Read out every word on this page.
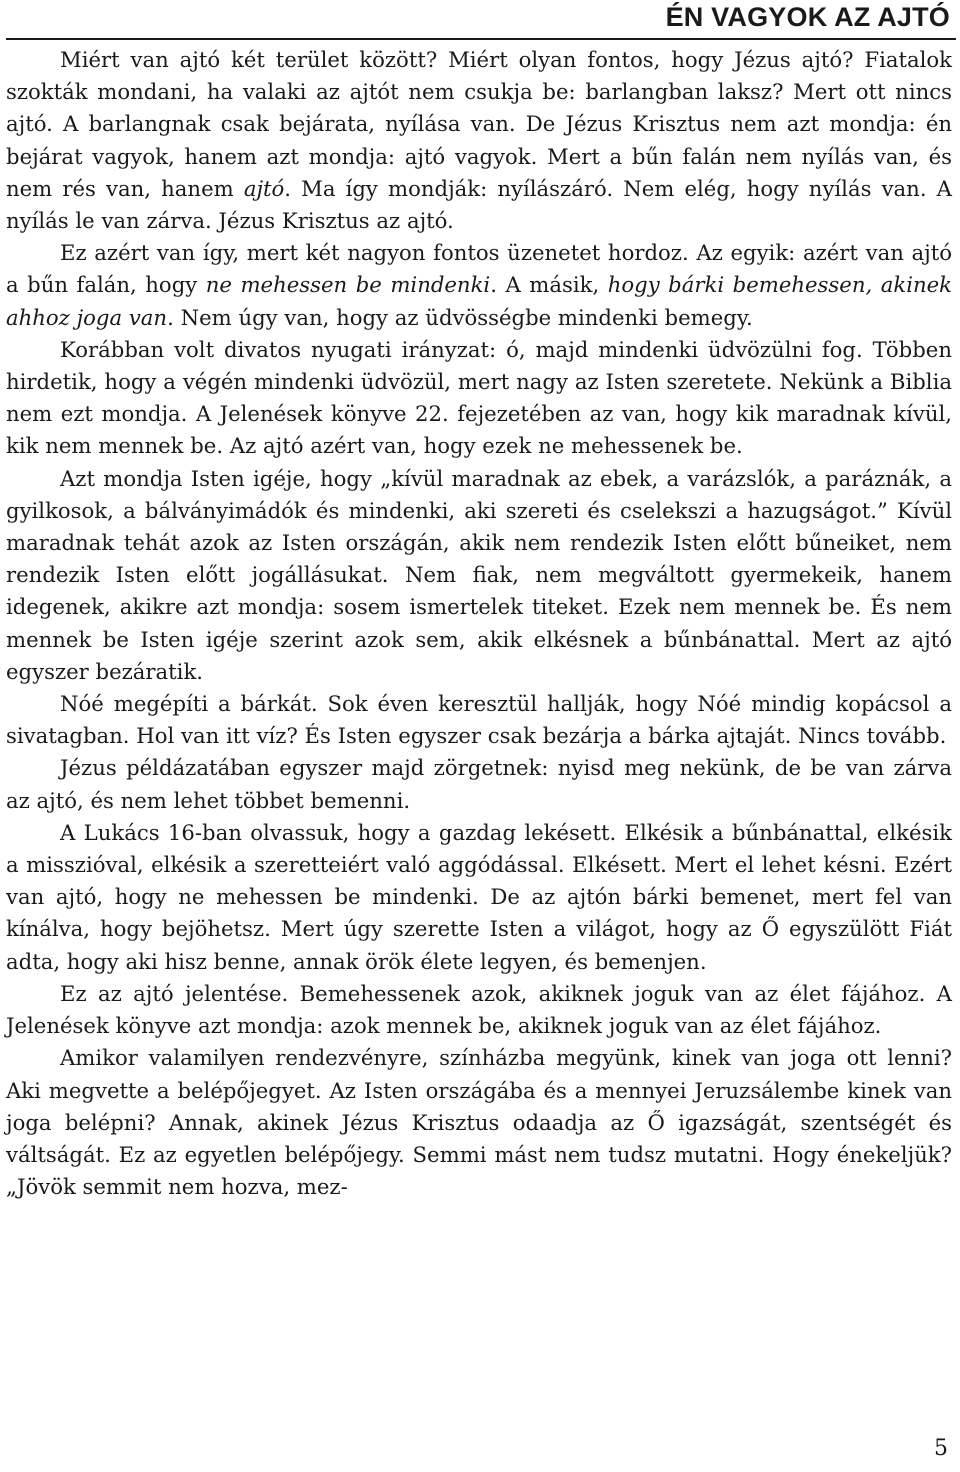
ÉN VAGYOK AZ AJTÓ

Miért van ajtó két terület között? Miért olyan fontos, hogy Jézus ajtó? Fiatalok szokták mondani, ha valaki az ajtót nem csukja be: barlangban laksz? Mert ott nincs ajtó. A barlangnak csak bejárata, nyílása van. De Jézus Krisztus nem azt mondja: én bejárat vagyok, hanem azt mondja: ajtó vagyok. Mert a bűn falán nem nyílás van, és nem rés van, hanem ajtó. Ma így mondják: nyílászáró. Nem elég, hogy nyílás van. A nyílás le van zárva. Jézus Krisztus az ajtó.

Ez azért van így, mert két nagyon fontos üzenetet hordoz. Az egyik: azért van ajtó a bűn falán, hogy ne mehessen be mindenki. A másik, hogy bárki bemehessen, akinek ahhoz joga van. Nem úgy van, hogy az üdvösségbe mindenki bemegy.

Korábban volt divatos nyugati irányzat: ó, majd mindenki üdvözülni fog. Többen hirdetik, hogy a végén mindenki üdvözül, mert nagy az Isten szeretete. Nekünk a Biblia nem ezt mondja. A Jelenések könyve 22. fejezetében az van, hogy kik maradnak kívül, kik nem mennek be. Az ajtó azért van, hogy ezek ne mehessenek be.

Azt mondja Isten igéje, hogy „kívül maradnak az ebek, a varázslók, a paráznák, a gyilkosok, a bálványimádók és mindenki, aki szereti és cselekszi a hazugságot.” Kívül maradnak tehát azok az Isten országán, akik nem rendezik Isten előtt bűneiket, nem rendezik Isten előtt jogállásukat. Nem fiak, nem megváltott gyermekeik, hanem idegenek, akikre azt mondja: sosem ismertelek titeket. Ezek nem mennek be. És nem mennek be Isten igéje szerint azok sem, akik elkésnek a bűnbánattal. Mert az ajtó egyszer bezáratik.

Nóé megépíti a bárkát. Sok éven keresztül hallják, hogy Nóé mindig kopácsol a sivatagban. Hol van itt víz? És Isten egyszer csak bezárja a bárka ajtaját. Nincs tovább.

Jézus példázatában egyszer majd zörgetnek: nyisd meg nekünk, de be van zárva az ajtó, és nem lehet többet bemenni.

A Lukács 16-ban olvassuk, hogy a gazdag lekésett. Elkésik a bűnbánattal, elkésik a misszióval, elkésik a szeretteiért való aggódással. Elkésett. Mert el lehet késni. Ezért van ajtó, hogy ne mehessen be mindenki. De az ajtón bárki bemenet, mert fel van kínálva, hogy bejöhetsz. Mert úgy szerette Isten a világot, hogy az Ő egyszülött Fiát adta, hogy aki hisz benne, annak örök élete legyen, és bemenjen.

Ez az ajtó jelentése. Bemehessenek azok, akiknek joguk van az élet fájához. A Jelenések könyve azt mondja: azok mennek be, akiknek joguk van az élet fájához.

Amikor valamilyen rendezvényre, színházba megyünk, kinek van joga ott lenni? Aki megvette a belépőjegyet. Az Isten országába és a mennyei Jeruzsálembe kinek van joga belépni? Annak, akinek Jézus Krisztus odaadja az Ő igazságát, szentségét és váltságát. Ez az egyetlen belépőjegy. Semmi mást nem tudsz mutatni. Hogy énekeljük? „Jövök semmit nem hozva, mez-

5
